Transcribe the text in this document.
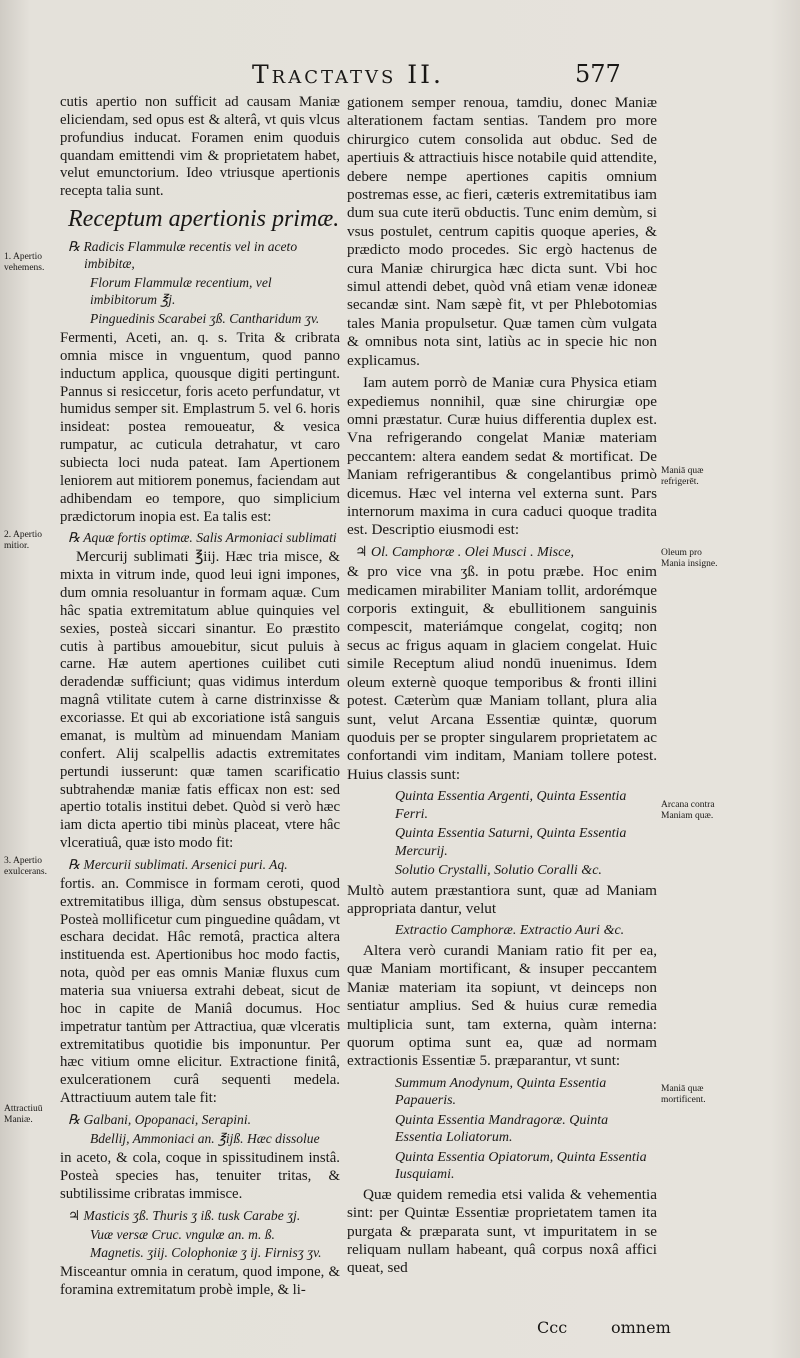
Tractatvs II.	577

cutis apertio non sufficit ad causam Maniæ eliciendam, sed opus est & alterâ, vt quis vlcus profundius inducat. Foramen enim quoduis quandam emittendi vim & proprietatem habet, velut emunctorium. Ideo vtriusque apertionis recepta talia sunt.

Receptum apertionis primæ.
℞ Radicis Flammulæ recentis vel in aceto imbibitæ,
Florum Flammulæ recentium, vel imbibitorum ℥j.
Pinguedinis Scarabei ʒß. Cantharidum ʒv.

Fermenti, Aceti, an. q. s. Trita & cribrata omnia misce in vnguentum, quod panno inductum applica, quousque digiti pertingunt. Pannus si resiccetur, foris aceto perfundatur, vt humidus semper sit. Emplastrum 5. vel 6. horis insideat: postea remoueatur, & vesica rumpatur, ac cuticula detrahatur, vt caro subiecta loci nuda pateat. Iam Apertionem leniorem aut mitiorem ponemus, faciendam aut adhibendam eo tempore, quo simplicium prædictorum inopia est. Ea talis est:

℞ Aquæ fortis optimæ. Salis Armoniaci sublimati

Mercurij sublimati ℥iij. Hæc tria misce, & mixta in vitrum inde, quod leui igni impones, dum omnia resoluantur in formam aquæ. Cum hâc spatia extremitatum ablue quinquies vel sexies, posteà siccari sinantur. Eo præstito cutis à partibus amouebitur, sicut puluis à carne. Hæ autem apertiones cuilibet cuti deradendæ sufficiunt; quas vidimus interdum magnâ vtilitate cutem à carne distrinxisse & excoriasse. Et qui ab excoriatione istâ sanguis emanat, is multùm ad minuendam Maniam confert. Alij scalpellis adactis extremitates pertundi iusserunt: quæ tamen scarificatio subtrahendæ maniæ fatis efficax non est: sed apertio totalis institui debet. Quòd si verò hæc iam dicta apertio tibi minùs placeat, vtere hâc vlceratiuâ, quæ isto modo fit:

℞ Mercurii sublimati. Arsenici puri. Aq.

fortis. an. Commisce in formam ceroti, quod extremitatibus illiga, dùm sensus obstupescat. Posteà mollificetur cum pinguedine quâdam, vt eschara decidat. Hâc remotâ, practica altera instituenda est. Apertionibus hoc modo factis, nota, quòd per eas omnis Maniæ fluxus cum materia sua vniuersa extrahi debeat, sicut de hoc in capite de Maniâ documus. Hoc impetratur tantùm per Attractiua, quæ vlceratis extremitatibus quotidie bis imponuntur. Per hæc vitium omne elicitur. Extractione finitâ, exulcerationem curâ sequenti medela. Attractiuum autem tale fit:

℞ Galbani, Opopanaci, Serapini.
Bdellij, Ammoniaci an. ℥ijß. Hæc dissolue

in aceto, & cola, coque in spissitudinem instâ. Posteà species has, tenuiter tritas, & subtilissime cribratas immisce.

♃ Masticis ʒß. Thuris ʒ iß. tusk Carabe ʒj.
Vuæ versæ Cruc. vngulæ an. m. ß.
Magnetis. ʒiij. Colophoniæ ʒ ij. Firnisʒ ʒv.

Misceantur omnia in ceratum, quod impone, & foramina extremitatum probè imple, & li-

gationem semper renoua, tamdiu, donec Maniæ alterationem factam sentias. Tandem pro more chirurgico cutem consolida aut obduc. Sed de apertiuis & attractiuis hisce notabile quid attendite, debere nempe apertiones capitis omnium postremas esse, ac fieri, cæteris extremitatibus iam dum sua cute iterū obductis. Tunc enim demùm, si vsus postulet, centrum capitis quoque aperies, & prædicto modo procedes. Sic ergò hactenus de cura Maniæ chirurgica hæc dicta sunt. Vbi hoc simul attendi debet, quòd vnâ etiam venæ idoneæ secandæ sint. Nam sæpè fit, vt per Phlebotomias tales Mania propulsetur. Quæ tamen cùm vulgata & omnibus nota sint, latiùs ac in specie hic non explicamus.

Iam autem porrò de Maniæ cura Physica etiam expediemus nonnihil, quæ sine chirurgiæ ope omni præstatur. Curæ huius differentia duplex est. Vna refrigerando congelat Maniæ materiam peccantem: altera eandem sedat & mortificat. De Maniam refrigerantibus & congelantibus primò dicemus. Hæc vel interna vel externa sunt. Pars internorum maxima in cura caduci quoque tradita est. Descriptio eiusmodi est:

♃ Ol. Camphoræ . Olei Musci . Misce,

& pro vice vna ʒß. in potu præbe. Hoc enim medicamen mirabiliter Maniam tollit, ardorémque corporis extinguit, & ebullitionem sanguinis compescit, materiámque congelat, cogitq; non secus ac frigus aquam in glaciem congelat. Huic simile Receptum aliud nondū inuenimus. Idem oleum externè quoque temporibus & fronti illini potest. Cæterùm quæ Maniam tollant, plura alia sunt, velut Arcana Essentiæ quintæ, quorum quoduis per se propter singularem proprietatem ac confortandi vim inditam, Maniam tollere potest. Huius classis sunt:

Quinta Essentia Argenti, Quinta Essentia Ferri.
Quinta Essentia Saturni, Quinta Essentia Mercurij.
Solutio Crystalli, Solutio Coralli &c.

Multò autem præstantiora sunt, quæ ad Maniam appropriata dantur, velut

Extractio Camphoræ. Extractio Auri &c.

Altera verò curandi Maniam ratio fit per ea, quæ Maniam mortificant, & insuper peccantem Maniæ materiam ita sopiunt, vt deinceps non sentiatur amplius. Sed & huius curæ remedia multiplicia sunt, tam externa, quàm interna: quorum optima sunt ea, quæ ad normam extractionis Essentiæ 5. præparantur, vt sunt:

Summum Anodynum, Quinta Essentia Papaueris.
Quinta Essentia Mandragoræ. Quinta Essentia Loliatorum.
Quinta Essentia Opiatorum, Quinta Essentia Iusquiami.

Quæ quidem remedia etsi valida & vehementia sint: per Quintæ Essentiæ proprietatem tamen ita purgata & præparata sunt, vt impuritatem in se reliquam nullam habeant, quâ corpus noxâ affici queat, sed

1. Apertio vehemens.
2. Apertio mitior.
3. Apertio exulcerans.
Attractiuū Maniæ.
Maniā quæ refrigerēt.
Oleum pro Mania insigne.
Arcana contra Maniam quæ.
Maniā quæ mortificent.
Ccc	omnem
